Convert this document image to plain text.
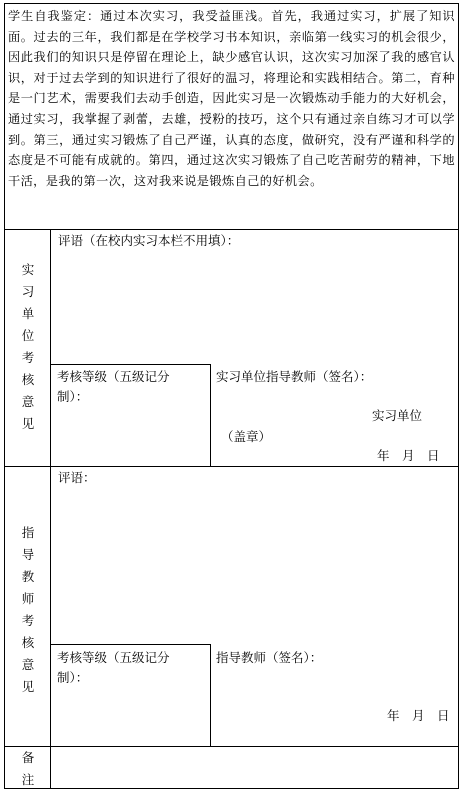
学生自我鉴定：通过本次实习，我受益匪浅。首先，我通过实习，扩展了知识面。过去的三年，我们都是在学校学习书本知识，亲临第一线实习的机会很少，因此我们的知识只是停留在理论上，缺少感官认识，这次实习加深了我的感官认识，对于过去学到的知识进行了很好的温习，将理论和实践相结合。第二，育种是一门艺术，需要我们去动手创造，因此实习是一次锻炼动手能力的大好机会，通过实习，我掌握了剥蕾，去雄，授粉的技巧，这个只有通过亲自练习才可以学到。第三，通过实习锻炼了自己严谨，认真的态度，做研究，没有严谨和科学的态度是不可能有成就的。第四，通过这次实习锻炼了自己吃苦耐劳的精神，下地干活，是我的第一次，这对我来说是锻炼自己的好机会。

实
习
单
位
考
核
意
见
评语（在校内实习本栏不用填）：
考核等级（五级记分
制）：
实习单位指导教师（签名）：
实习单位
（盖章）
年　月　日
指
导
教
师
考
核
意
见
评语：
考核等级（五级记分
制）：
指导教师（签名）：
年　月　日
备
注
